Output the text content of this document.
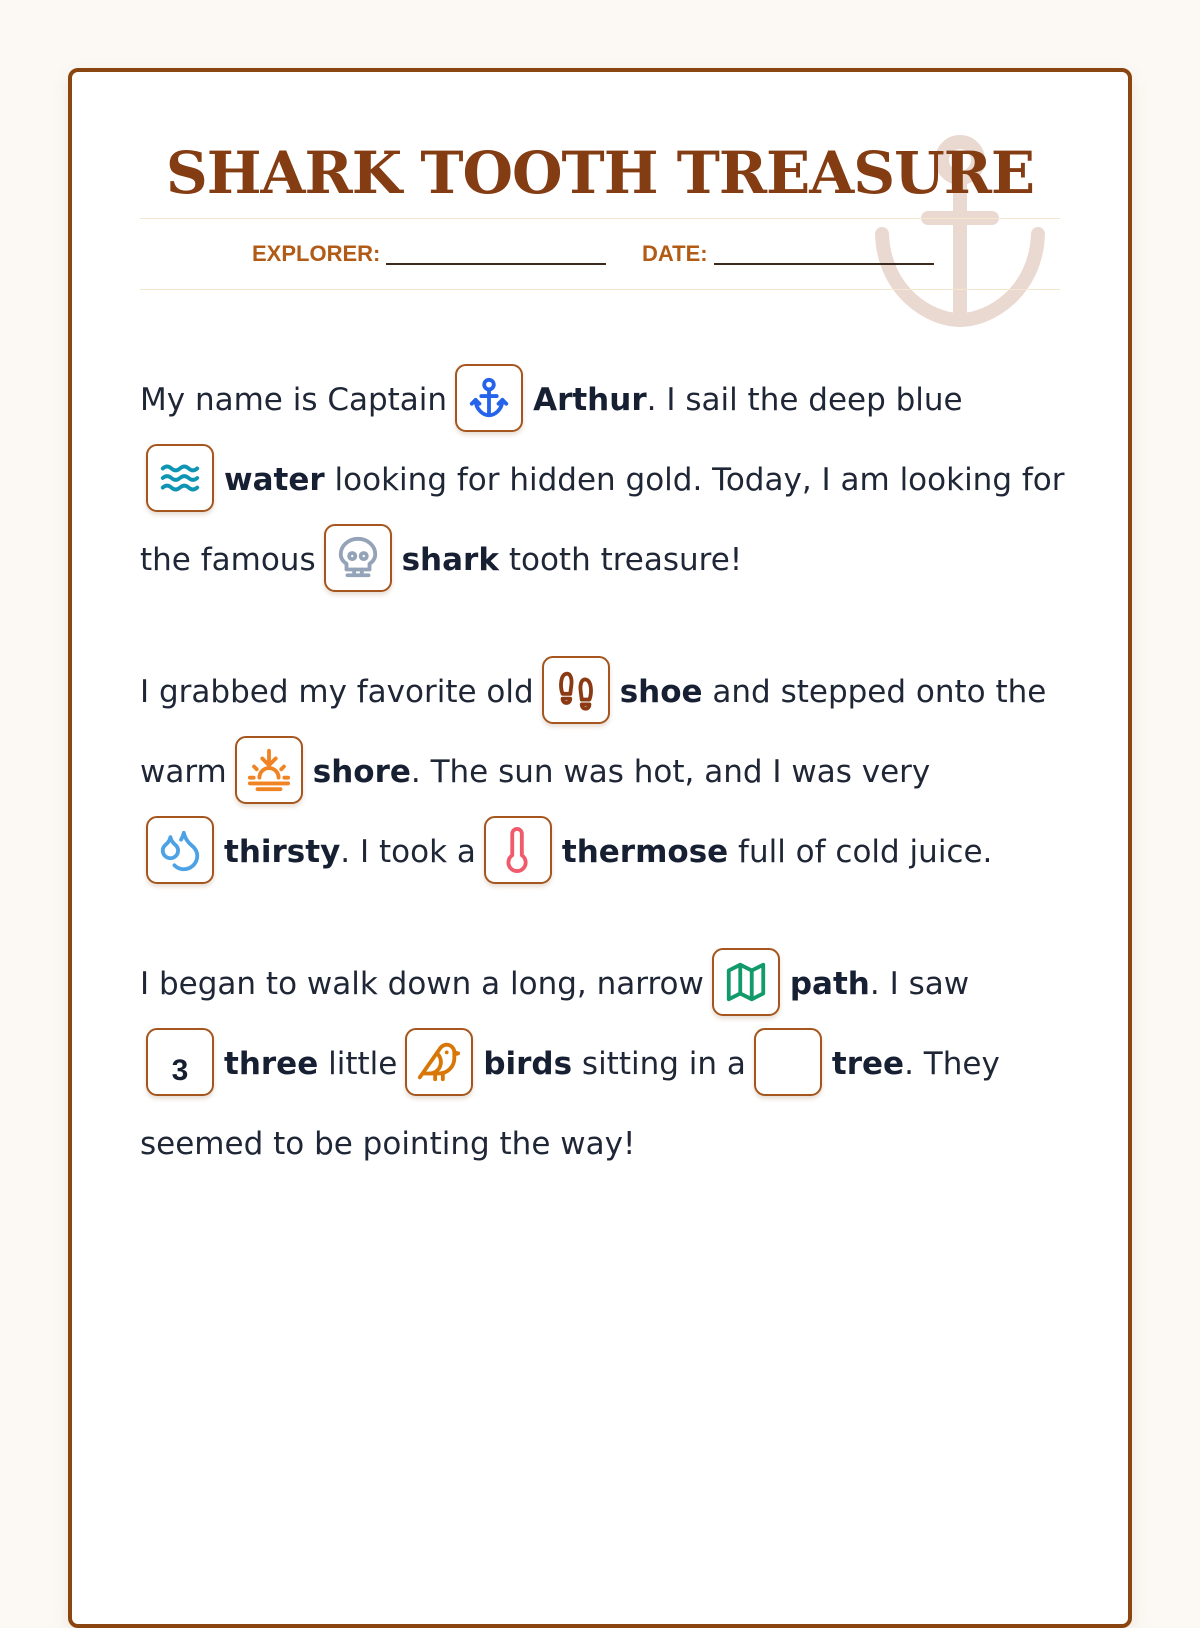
SHARK TOOTH TREASURE
EXPLORER:	DATE:

My name is Captain	Arthur. I sail the deep blue

water looking for hidden gold. Today, I am looking for the famous	shark tooth treasure!

I grabbed my favorite old	shoe and stepped onto the warm	shore. The sun was hot, and I was very

thirsty. I took a	thermose full of cold juice.

I began to walk down a long, narrow	path. I saw
3 three little	birds sitting in a	tree. They seemed to be pointing the way!
